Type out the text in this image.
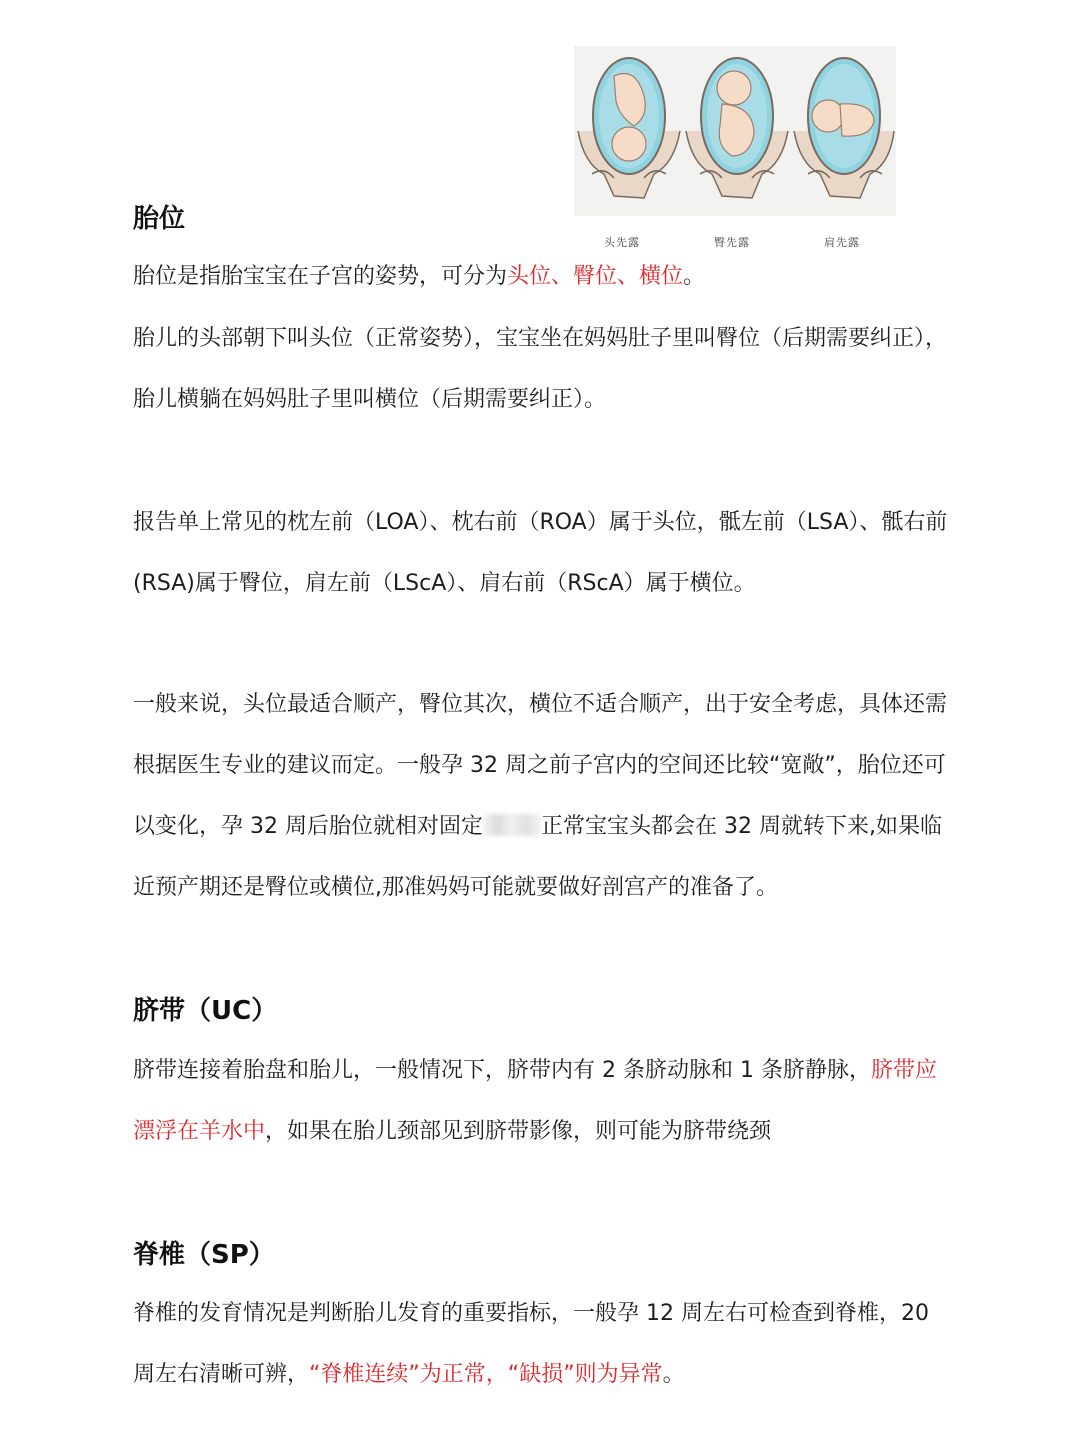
头先露	臀先露	肩先露
胎位

胎位是指胎宝宝在子宫的姿势，可分为头位、臀位、横位。

胎儿的头部朝下叫头位（正常姿势），宝宝坐在妈妈肚子里叫臀位（后期需要纠正），胎儿横躺在妈妈肚子里叫横位（后期需要纠正）。

报告单上常见的枕左前（LOA）、枕右前（ROA）属于头位，骶左前（LSA）、骶右前(RSA)属于臀位，肩左前（LScA）、肩右前（RScA）属于横位。

一般来说，头位最适合顺产，臀位其次，横位不适合顺产，出于安全考虑，具体还需根据医生专业的建议而定。一般孕 32 周之前子宫内的空间还比较“宽敞”，胎位还可以变化，孕 32 周后胎位就相对固定	正常宝宝头都会在 32 周就转下来,如果临近预产期还是臀位或横位,那准妈妈可能就要做好剖宫产的准备了。

脐带（UC）

脐带连接着胎盘和胎儿，一般情况下，脐带内有 2 条脐动脉和 1 条脐静脉，脐带应漂浮在羊水中，如果在胎儿颈部见到脐带影像，则可能为脐带绕颈

脊椎（SP）

脊椎的发育情况是判断胎儿发育的重要指标，一般孕 12 周左右可检查到脊椎，20 周左右清晰可辨，“脊椎连续”为正常，“缺损”则为异常。
